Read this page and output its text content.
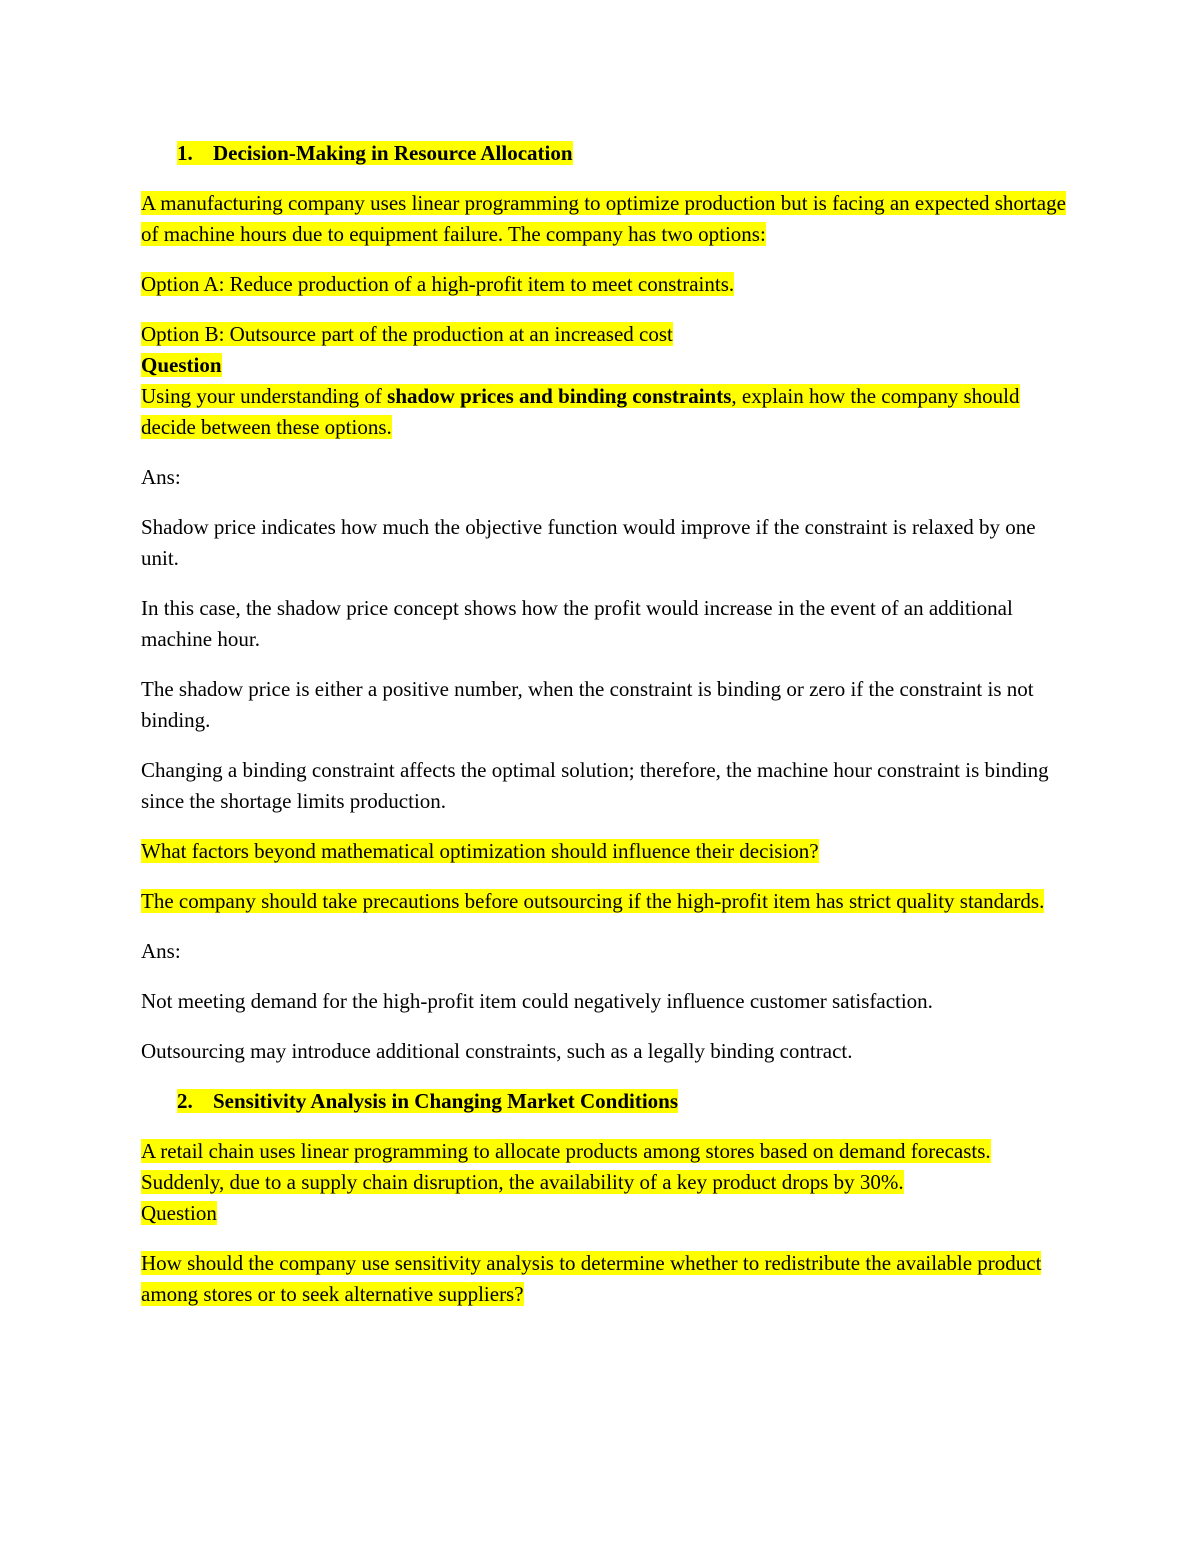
1. Decision-Making in Resource Allocation

A manufacturing company uses linear programming to optimize production but is facing an expected shortage of machine hours due to equipment failure. The company has two options:

Option A: Reduce production of a high-profit item to meet constraints.

Option B: Outsource part of the production at an increased cost

Question

Using your understanding of shadow prices and binding constraints, explain how the company should decide between these options.

Ans:

Shadow price indicates how much the objective function would improve if the constraint is relaxed by one unit.

In this case, the shadow price concept shows how the profit would increase in the event of an additional machine hour.

The shadow price is either a positive number, when the constraint is binding or zero if the constraint is not binding.

Changing a binding constraint affects the optimal solution; therefore, the machine hour constraint is binding since the shortage limits production.

What factors beyond mathematical optimization should influence their decision?

The company should take precautions before outsourcing if the high-profit item has strict quality standards.

Ans:

Not meeting demand for the high-profit item could negatively influence customer satisfaction.

Outsourcing may introduce additional constraints, such as a legally binding contract.

2. Sensitivity Analysis in Changing Market Conditions

A retail chain uses linear programming to allocate products among stores based on demand forecasts. Suddenly, due to a supply chain disruption, the availability of a key product drops by 30%.

Question

How should the company use sensitivity analysis to determine whether to redistribute the available product among stores or to seek alternative suppliers?
